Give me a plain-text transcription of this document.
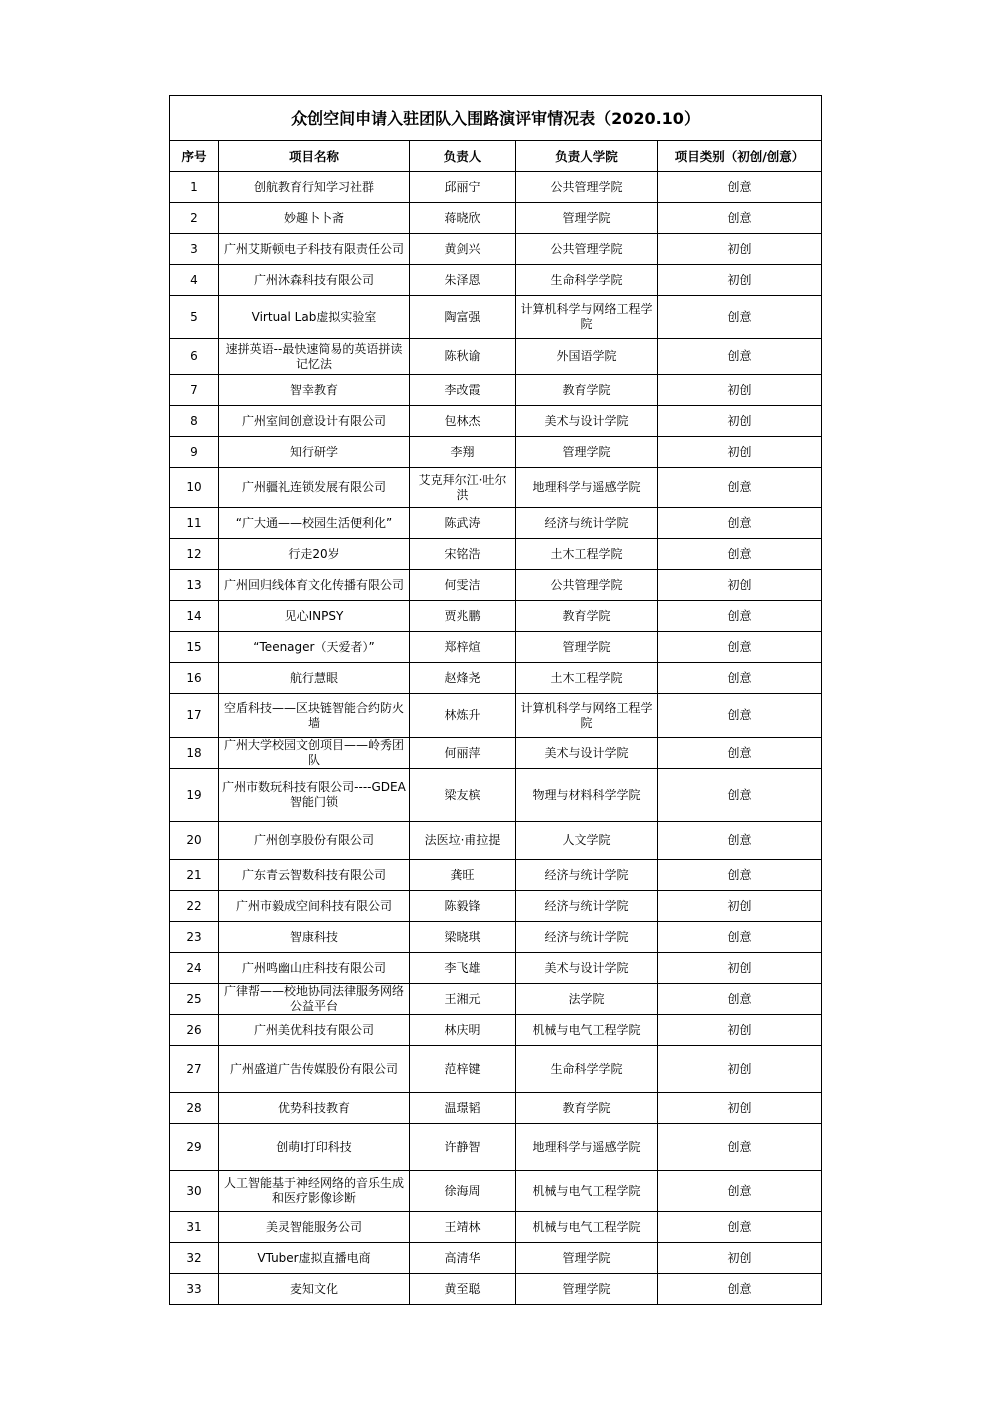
众创空间申请入驻团队入围路演评审情况表（2020.10）				
序号	项目名称	负责人	负责人学院	项目类别（初创/创意）
1	创航教育行知学习社群	邱丽宁	公共管理学院	创意
2	妙趣卜卜斋	蒋晓欣	管理学院	创意
3	广州艾斯顿电子科技有限责任公司	黄剑兴	公共管理学院	初创
4	广州沐森科技有限公司	朱泽恩	生命科学学院	初创
5	Virtual Lab虚拟实验室	陶富强	计算机科学与网络工程学院	创意
6	速拼英语--最快速简易的英语拼读记忆法	陈秋谕	外国语学院	创意
7	智幸教育	李改霞	教育学院	初创
8	广州室间创意设计有限公司	包林杰	美术与设计学院	初创
9	知行研学	李翔	管理学院	初创
10	广州疆礼连锁发展有限公司	艾克拜尔江·吐尔洪	地理科学与遥感学院	创意
11	“广大通——校园生活便利化”	陈武涛	经济与统计学院	创意
12	行走20岁	宋铭浩	土木工程学院	创意
13	广州回归线体育文化传播有限公司	何雯洁	公共管理学院	初创
14	见心INPSY	贾兆鹏	教育学院	创意
15	“Teenager（天爱者）”	郑梓煊	管理学院	创意
16	航行慧眼	赵烽尧	土木工程学院	创意
17	空盾科技——区块链智能合约防火墙	林炼升	计算机科学与网络工程学院	创意
18	广州大学校园文创项目——岭秀团队	何丽萍	美术与设计学院	创意
19	广州市数玩科技有限公司----GDEA智能门锁	梁友槟	物理与材料科学学院	创意
20	广州创享股份有限公司	法医垃·甫拉提	人文学院	创意
21	广东青云智数科技有限公司	龚旺	经济与统计学院	创意
22	广州市毅成空间科技有限公司	陈毅锋	经济与统计学院	初创
23	智康科技	梁晓琪	经济与统计学院	创意
24	广州鸣幽山庄科技有限公司	李飞雄	美术与设计学院	初创
25	广律帮——校地协同法律服务网络公益平台	王湘元	法学院	创意
26	广州美优科技有限公司	林庆明	机械与电气工程学院	初创
27	广州盛道广告传媒股份有限公司	范梓键	生命科学学院	初创
28	优势科技教育	温璟韬	教育学院	初创
29	创萌I打印科技	许静智	地理科学与遥感学院	创意
30	人工智能基于神经网络的音乐生成和医疗影像诊断	徐海周	机械与电气工程学院	创意
31	美灵智能服务公司	王靖林	机械与电气工程学院	创意
32	VTuber虚拟直播电商	高清华	管理学院	初创
33	麦知文化	黄至聪	管理学院	创意
